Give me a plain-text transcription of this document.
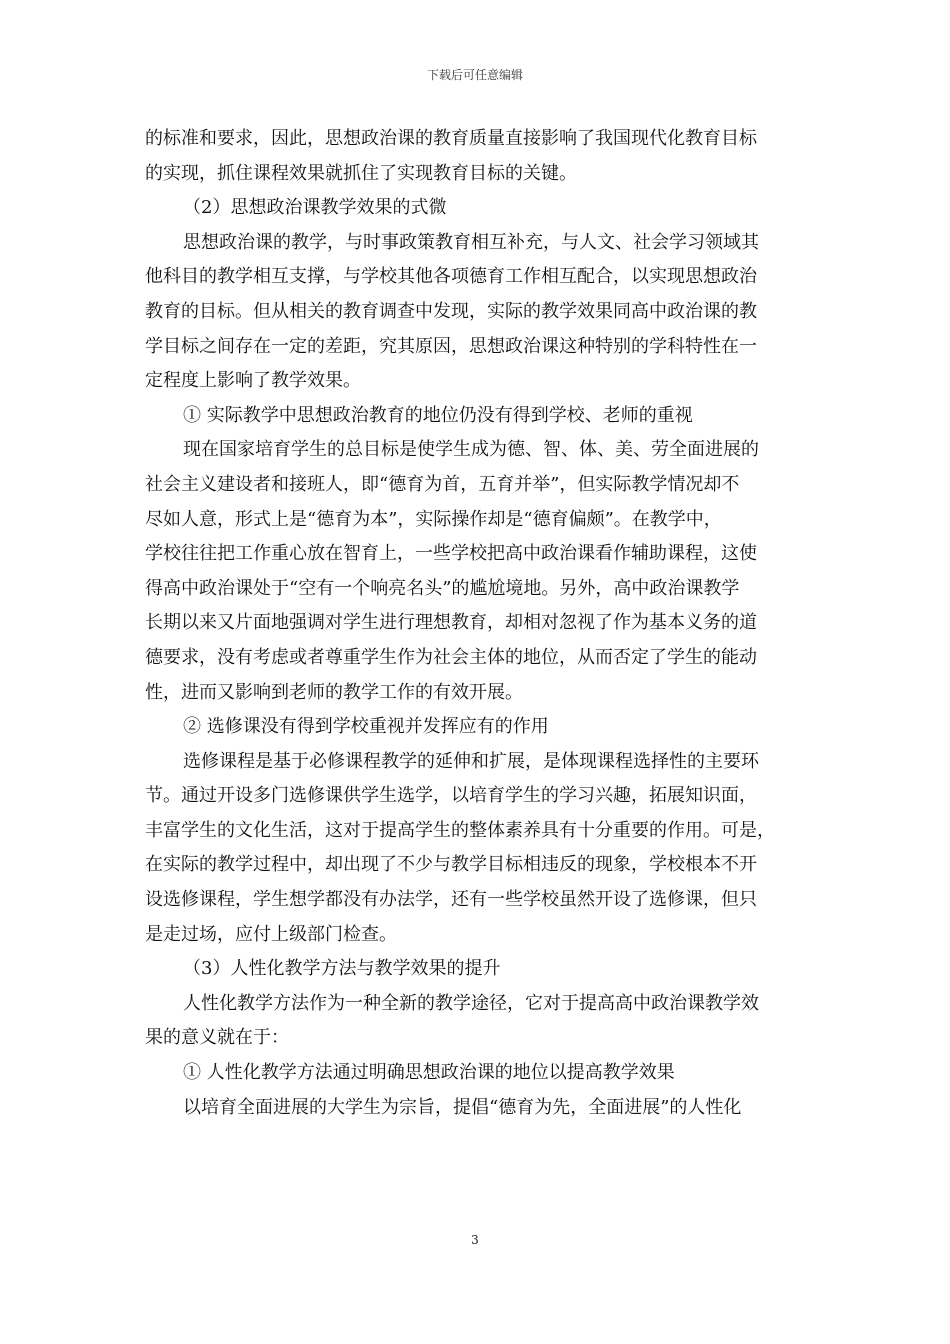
下载后可任意编辑
的标准和要求，因此，思想政治课的教育质量直接影响了我国现代化教育目标
的实现，抓住课程效果就抓住了实现教育目标的关键。
（2）思想政治课教学效果的式微
思想政治课的教学，与时事政策教育相互补充，与人文、社会学习领域其
他科目的教学相互支撑，与学校其他各项德育工作相互配合，以实现思想政治
教育的目标。但从相关的教育调查中发现，实际的教学效果同高中政治课的教
学目标之间存在一定的差距，究其原因，思想政治课这种特别的学科特性在一
定程度上影响了教学效果。
① 实际教学中思想政治教育的地位仍没有得到学校、老师的重视
现在国家培育学生的总目标是使学生成为德、智、体、美、劳全面进展的
社会主义建设者和接班人，即“德育为首，五育并举”，但实际教学情况却不
尽如人意，形式上是“德育为本”，实际操作却是“德育偏颇”。在教学中，
学校往往把工作重心放在智育上，一些学校把高中政治课看作辅助课程，这使
得高中政治课处于“空有一个响亮名头”的尴尬境地。另外，高中政治课教学
长期以来又片面地强调对学生进行理想教育，却相对忽视了作为基本义务的道
德要求，没有考虑或者尊重学生作为社会主体的地位，从而否定了学生的能动
性，进而又影响到老师的教学工作的有效开展。
② 选修课没有得到学校重视并发挥应有的作用
选修课程是基于必修课程教学的延伸和扩展，是体现课程选择性的主要环
节。通过开设多门选修课供学生选学，以培育学生的学习兴趣，拓展知识面，
丰富学生的文化生活，这对于提高学生的整体素养具有十分重要的作用。可是，
在实际的教学过程中，却出现了不少与教学目标相违反的现象，学校根本不开
设选修课程，学生想学都没有办法学，还有一些学校虽然开设了选修课，但只
是走过场，应付上级部门检查。
（3）人性化教学方法与教学效果的提升
人性化教学方法作为一种全新的教学途径，它对于提高高中政治课教学效
果的意义就在于：
① 人性化教学方法通过明确思想政治课的地位以提高教学效果
以培育全面进展的大学生为宗旨，提倡“德育为先，全面进展”的人性化
3
